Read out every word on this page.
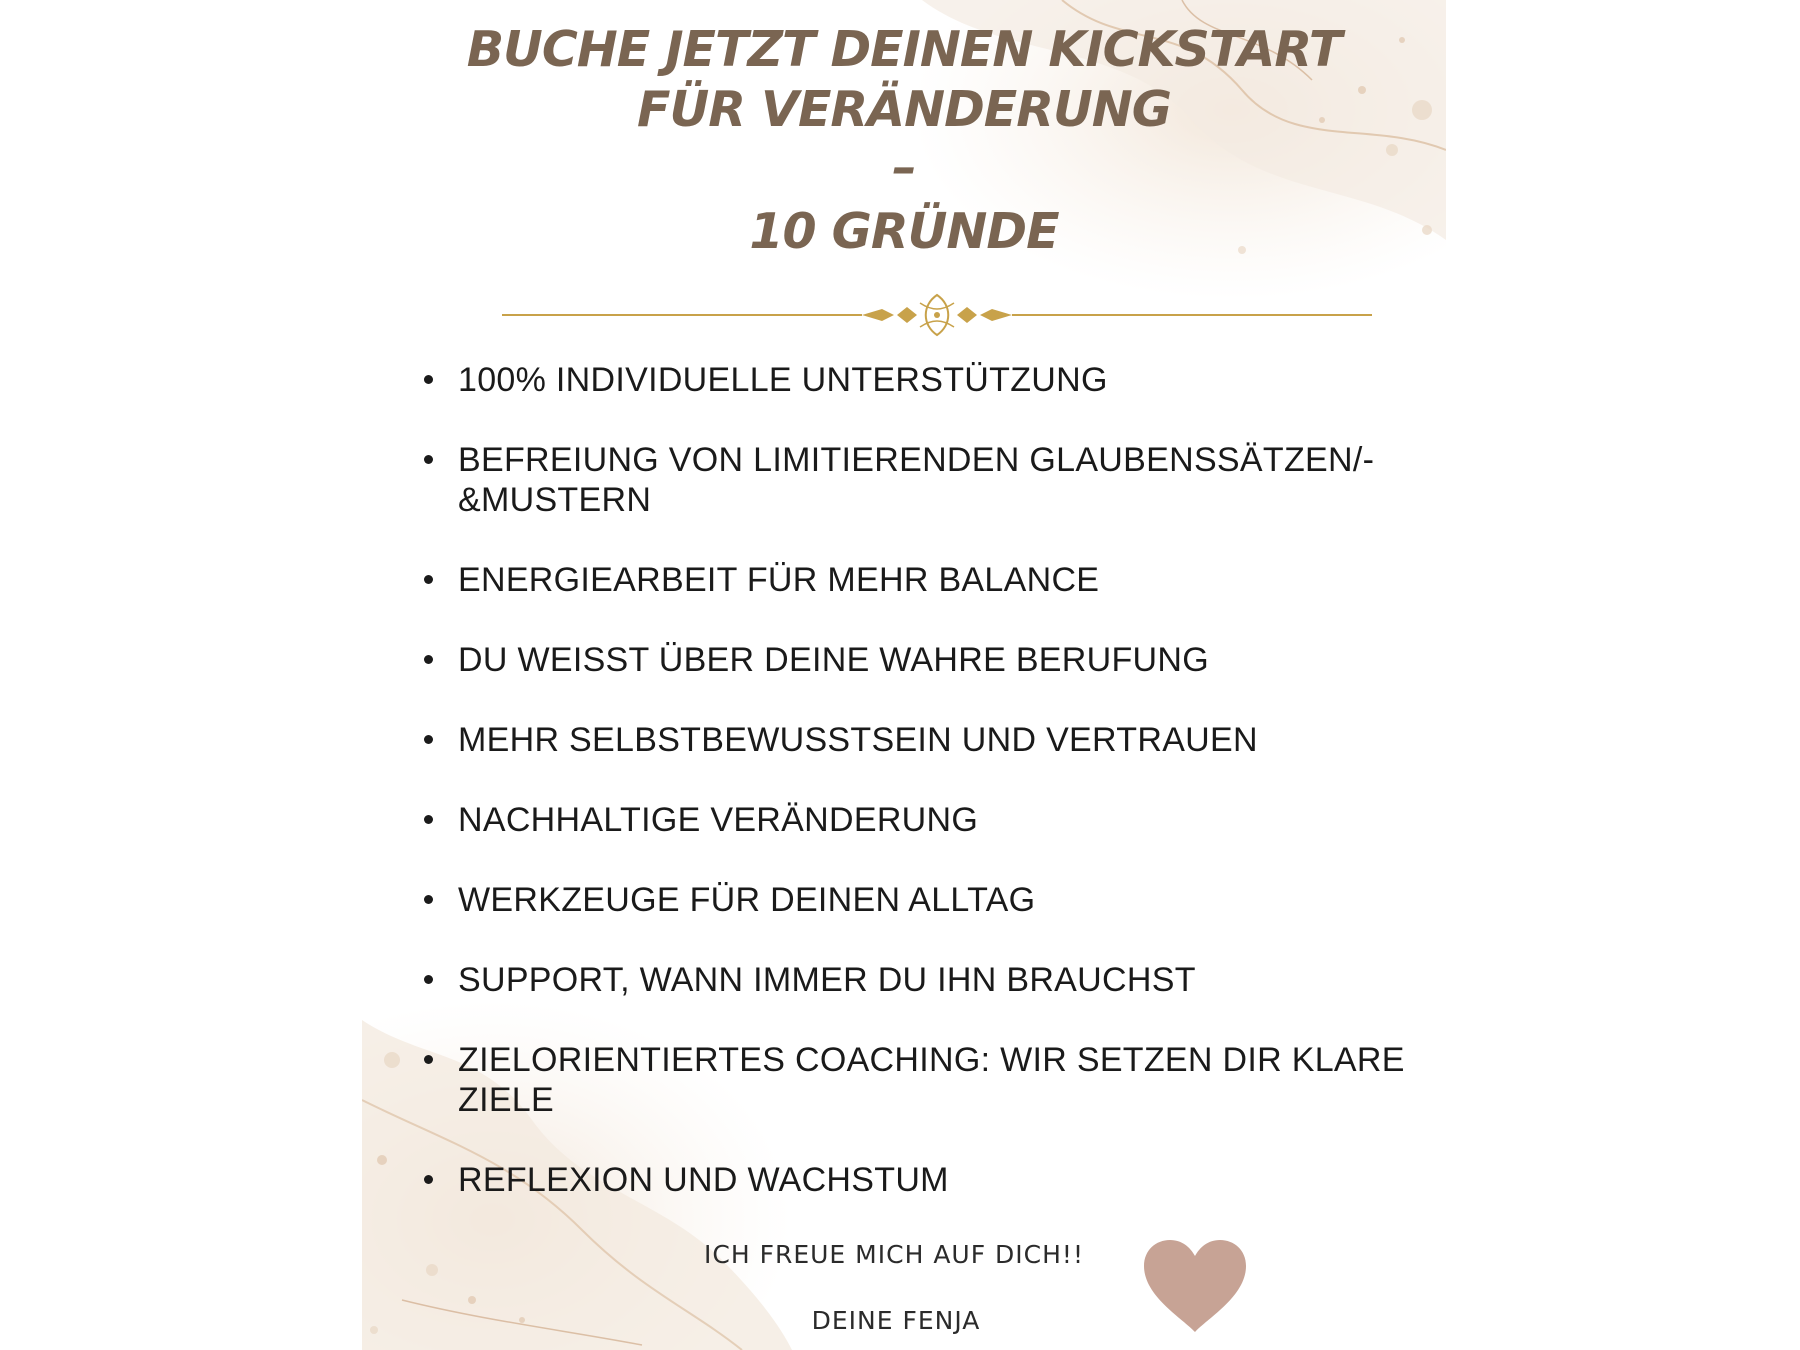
BUCHE JETZT DEINEN KICKSTART
FÜR VERÄNDERUNG
–
10 GRÜNDE
100% INDIVIDUELLE UNTERSTÜTZUNG
BEFREIUNG VON LIMITIERENDEN GLAUBENSSÄTZEN/-&MUSTERN
ENERGIEARBEIT FÜR MEHR BALANCE
DU WEISST ÜBER DEINE WAHRE BERUFUNG
MEHR SELBSTBEWUSSTSEIN UND VERTRAUEN
NACHHALTIGE VERÄNDERUNG
WERKZEUGE FÜR DEINEN ALLTAG
SUPPORT, WANN IMMER DU IHN BRAUCHST
ZIELORIENTIERTES COACHING: WIR SETZEN DIR KLARE ZIELE
REFLEXION UND WACHSTUM
ICH FREUE MICH AUF DICH!!
DEINE FENJA
